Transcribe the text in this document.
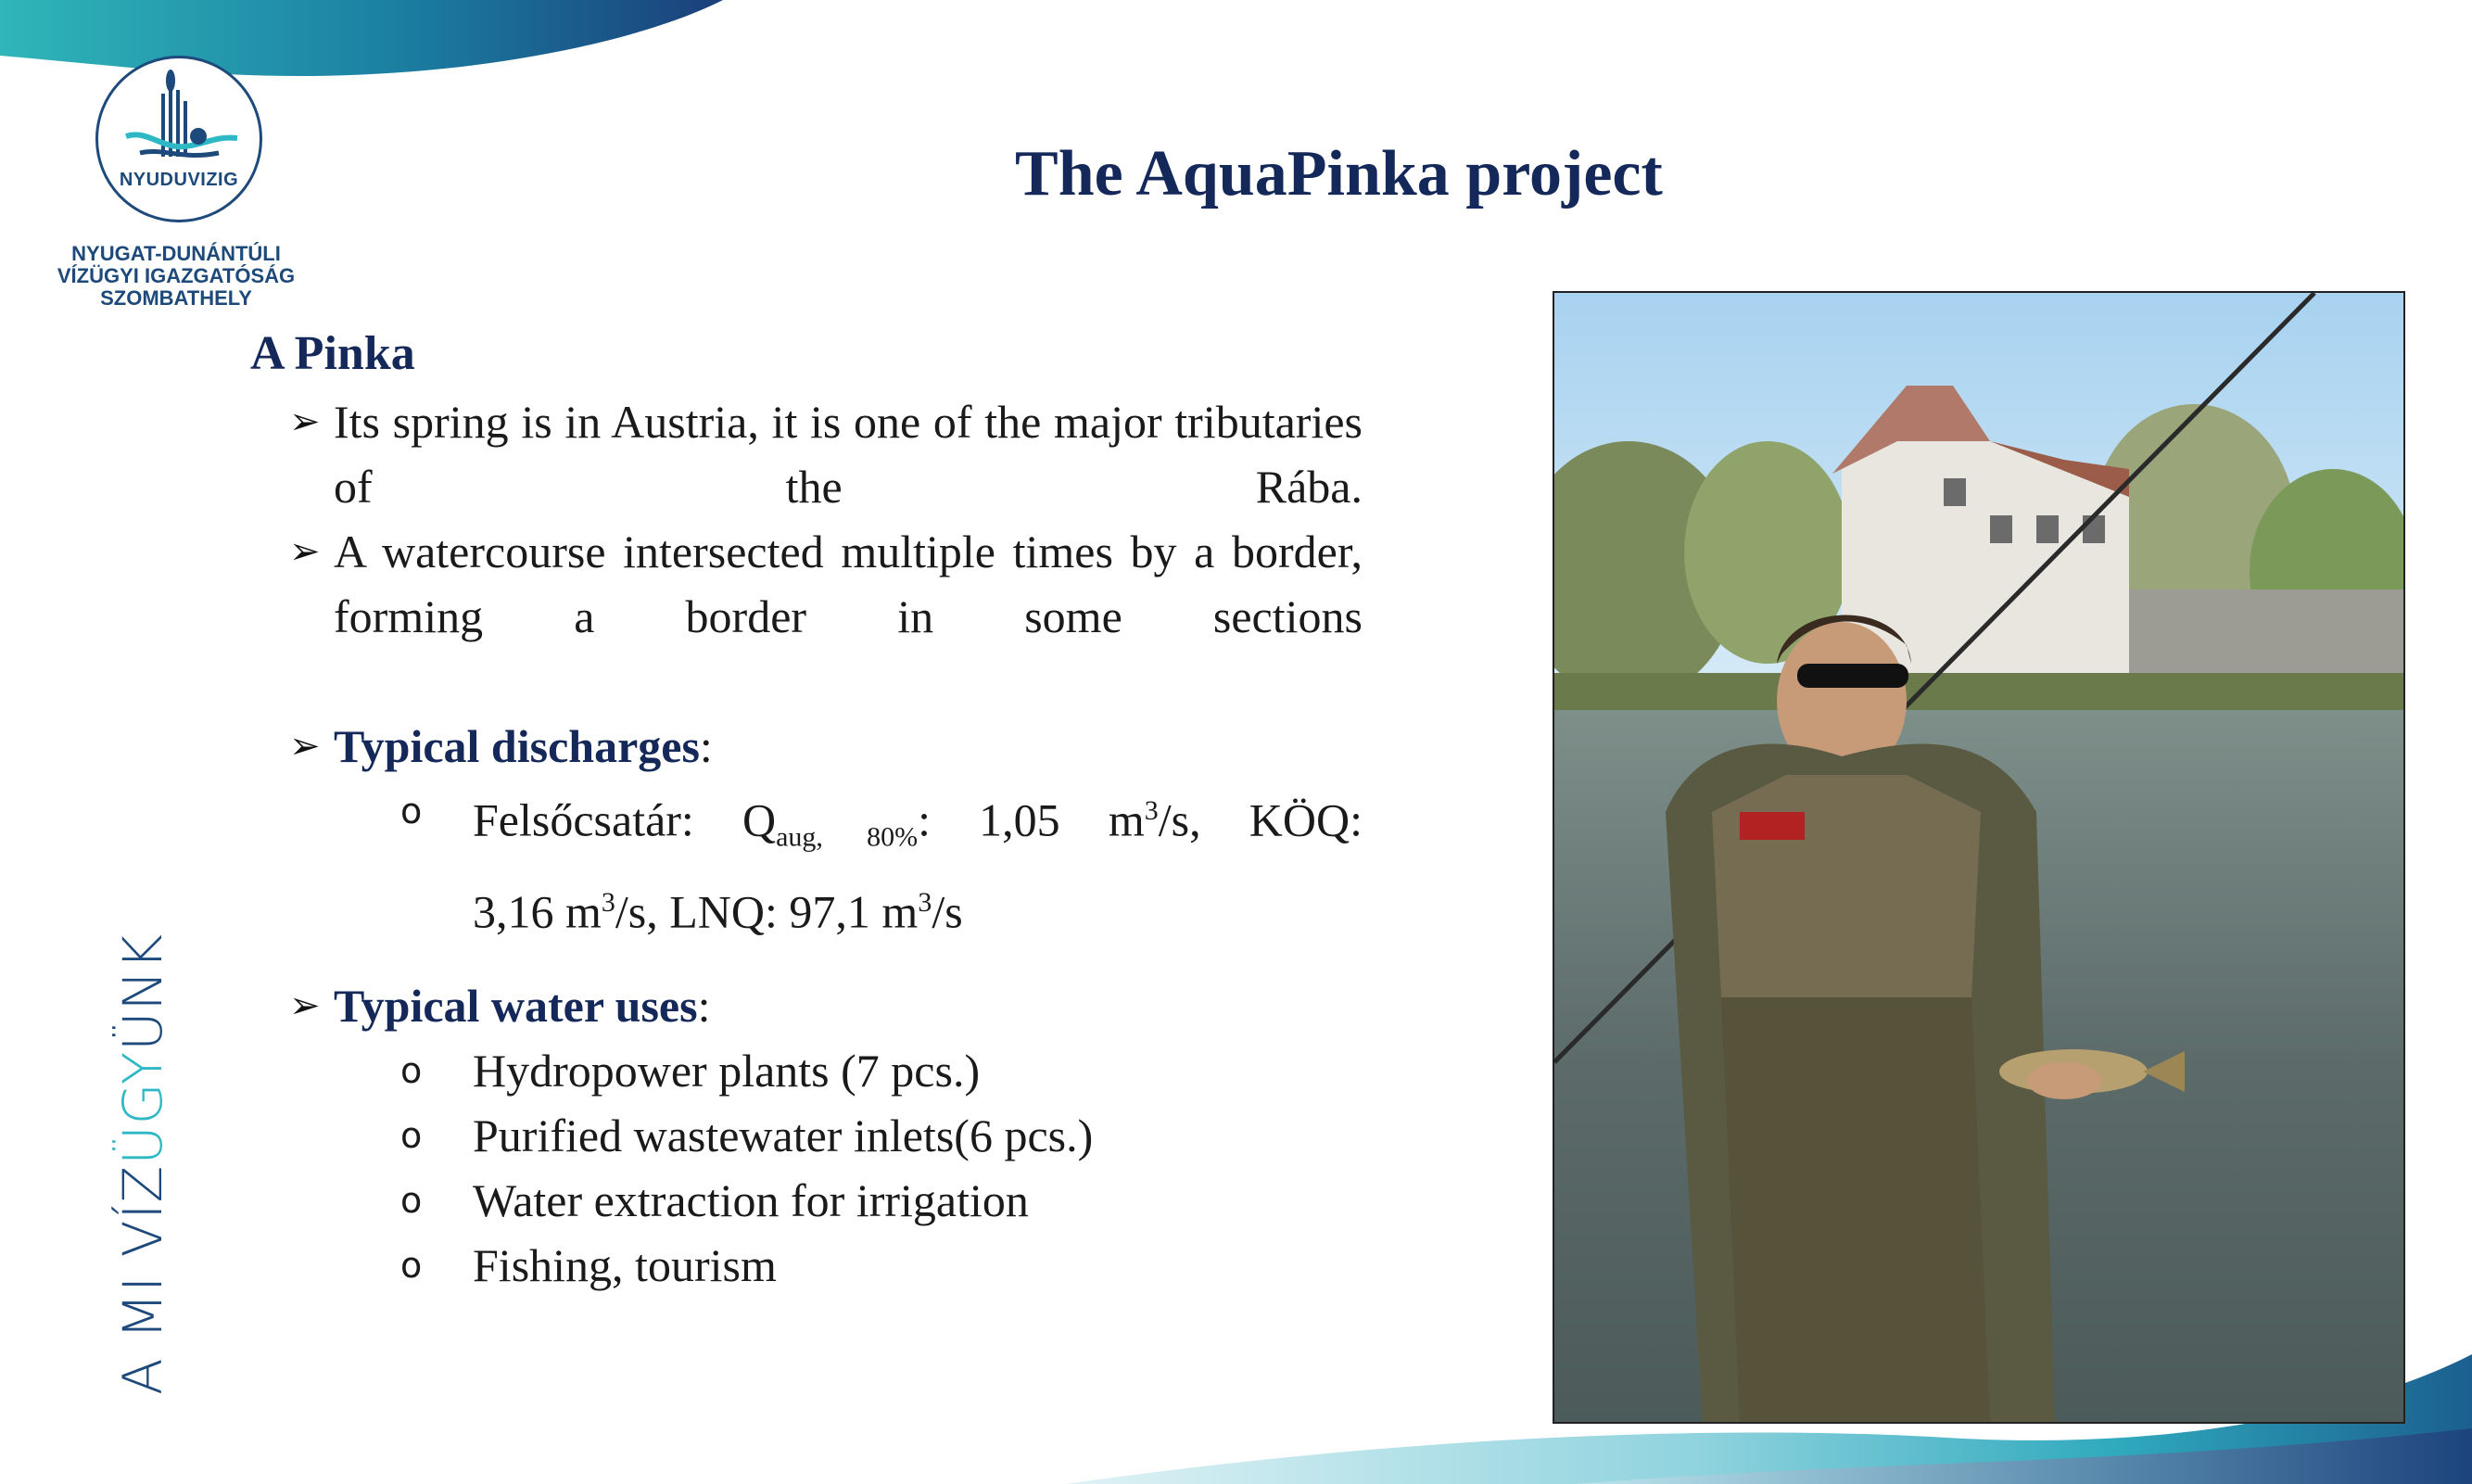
NYUDUVIZIG
NYUGAT-DUNÁNTÚLI
VÍZÜGYI IGAZGATÓSÁG
SZOMBATHELY
A MI VÍZÜGYÜNK
The AquaPinka project
A Pinka
➢ Its spring is in Austria, it is one of the major tributaries of the Rába.
➢ A watercourse intersected multiple times by a border, forming a border in some sections
➢ Typical discharges:
o Felsőcsatár: $Q_{aug, 80\%}$: 1,05 $m^3/s$, KÖQ:
3,16 $m^3/s$, LNQ: 97,1 $m^3/s$
➢ Typical water uses:
o Hydropower plants (7 pcs.)
o Purified wastewater inlets(6 pcs.)
o Water extraction for irrigation
o Fishing, tourism
